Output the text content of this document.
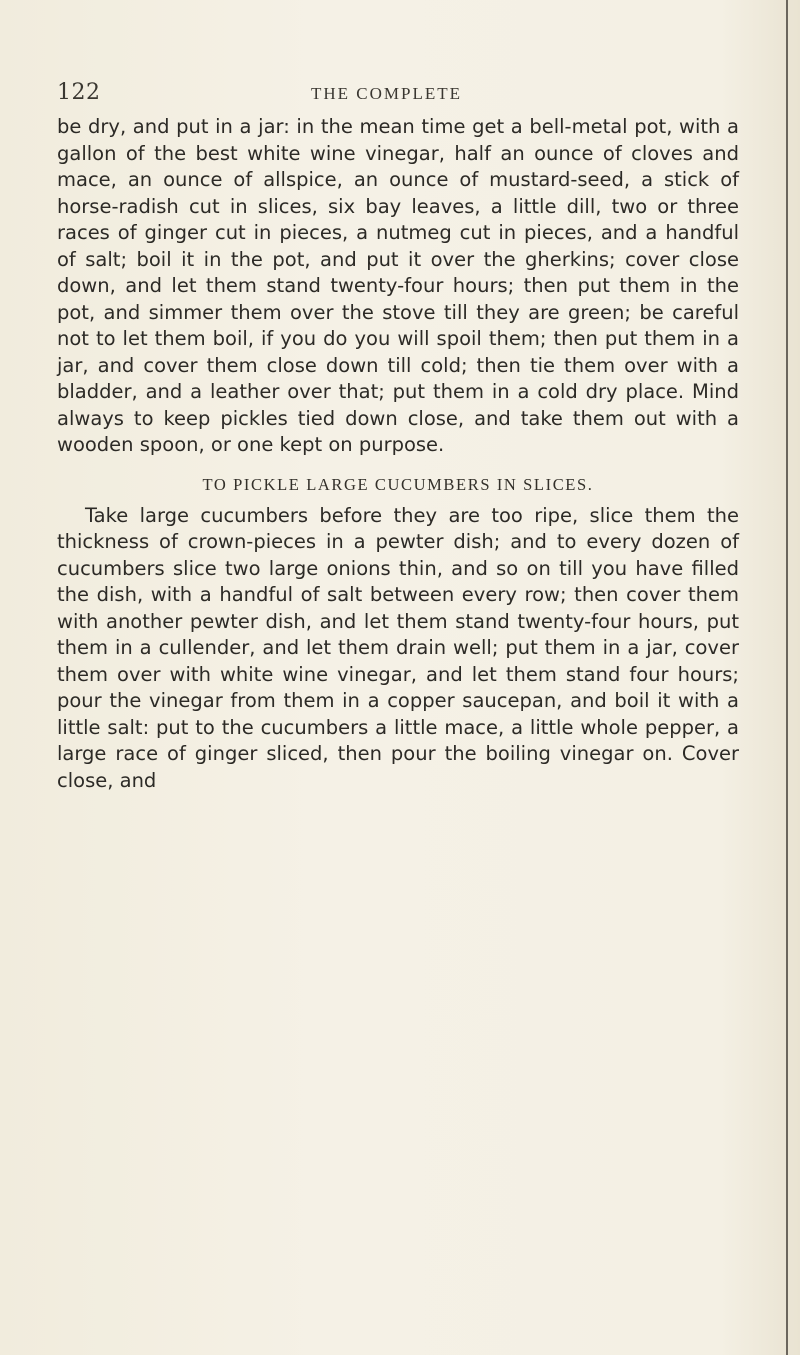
122	THE COMPLETE

be dry, and put in a jar: in the mean time get a bell-metal pot, with a gallon of the best white wine vinegar, half an ounce of cloves and mace, an ounce of allspice, an ounce of mustard-seed, a stick of horse-radish cut in slices, six bay leaves, a little dill, two or three races of ginger cut in pieces, a nutmeg cut in pieces, and a handful of salt; boil it in the pot, and put it over the gherkins; cover close down, and let them stand twenty-four hours; then put them in the pot, and simmer them over the stove till they are green; be careful not to let them boil, if you do you will spoil them; then put them in a jar, and cover them close down till cold; then tie them over with a bladder, and a leather over that; put them in a cold dry place. Mind always to keep pickles tied down close, and take them out with a wooden spoon, or one kept on purpose.

TO PICKLE LARGE CUCUMBERS IN SLICES.

Take large cucumbers before they are too ripe, slice them the thickness of crown-pieces in a pewter dish; and to every dozen of cucumbers slice two large onions thin, and so on till you have filled the dish, with a handful of salt between every row; then cover them with another pewter dish, and let them stand twenty-four hours, put them in a cullender, and let them drain well; put them in a jar, cover them over with white wine vinegar, and let them stand four hours; pour the vinegar from them in a copper saucepan, and boil it with a little salt: put to the cucumbers a little mace, a little whole pepper, a large race of ginger sliced, then pour the boiling vinegar on. Cover close, and
